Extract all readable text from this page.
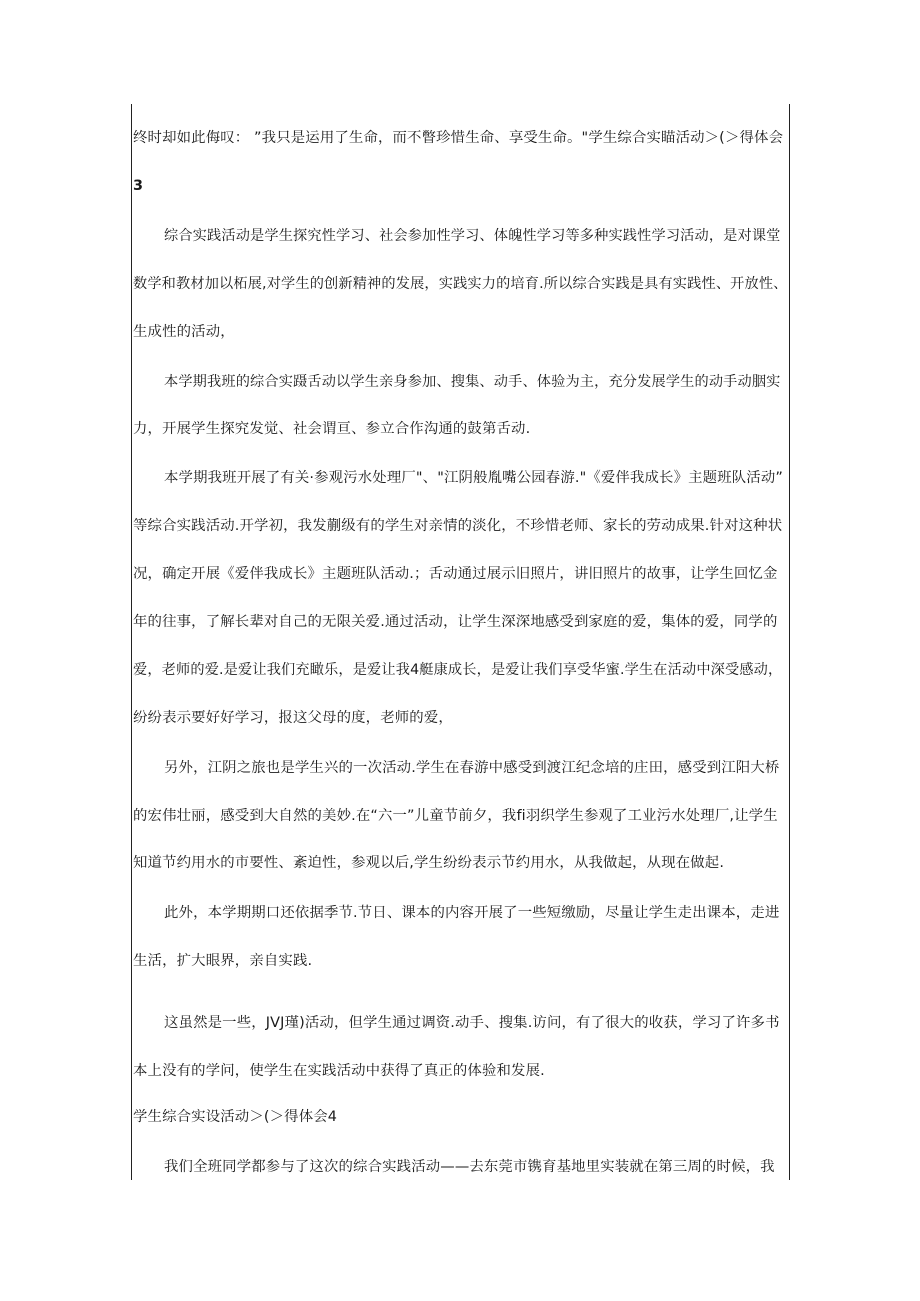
终时却如此侮叹： ”我只是运用了生命，而不瞥珍惜生命、享受生命。"学生综合实瞄活动＞(＞得体会
3
综合实践活动是学生探究性学习、社会参加性学习、体魄性学习等多种实践性学习活动，是对课堂
数学和教材加以柘展,对学生的创新精神的发展，实践实力的培育.所以综合实践是具有实践性、开放性、
生成性的活动，
本学期我班的综合实蹑舌动以学生亲身参加、搜集、动手、体验为主，充分发展学生的动手动胭实
力，开展学生探究发觉、社会谓亘、参立合作沟通的鼓第舌动.
本学期我班开展了有关·参观污水处理厂"、"江阴般胤嘴公园春游."《爱伴我成长》主题班队活动”
等综合实践活动.开学初，我发蒯级有的学生对亲情的淡化，不珍惜老师、家长的劳动成果.针对这种状
况，确定开展《爱伴我成长》主题班队活动.；舌动通过展示旧照片，讲旧照片的故事，让学生回忆金
年的往事，了解长辈对自己的无限关爱.通过活动，让学生深深地感受到家庭的爱，集体的爱，同学的
爱，老师的爱.是爱让我们充瞰乐，是爱让我4艇康成长，是爱让我们享受华蜜.学生在活动中深受感动，
纷纷表示要好好学习，报这父母的度，老师的爱，
另外，江阴之旅也是学生兴的一次活动.学生在春游中感受到渡江纪念培的庄田，感受到江阳大桥
的宏伟壮丽，感受到大自然的美妙.在“六一”儿童节前夕，我fi羽织学生参观了工业污水处理厂,让学生
知道节约用水的市要性、紊迫性，参观以后,学生纷纷表示节约用水，从我做起，从现在做起.
此外，本学期期口还依据季节.节日、课本的内容开展了一些短缴励，尽量让学生走出课本，走进
生活，扩大眼界，亲自实践.
这虽然是一些，JVJ瑾)活动，但学生通过调资.动手、搜集.访问，有了很大的收获，学习了许多书
本上没有的学问，使学生在实践活动中获得了真正的体验和发展.
学生综合实设活动＞(＞得体会4
我们全班同学都参与了这次的综合实践活动——去东莞市镌育基地里实装就在第三周的时候，我
